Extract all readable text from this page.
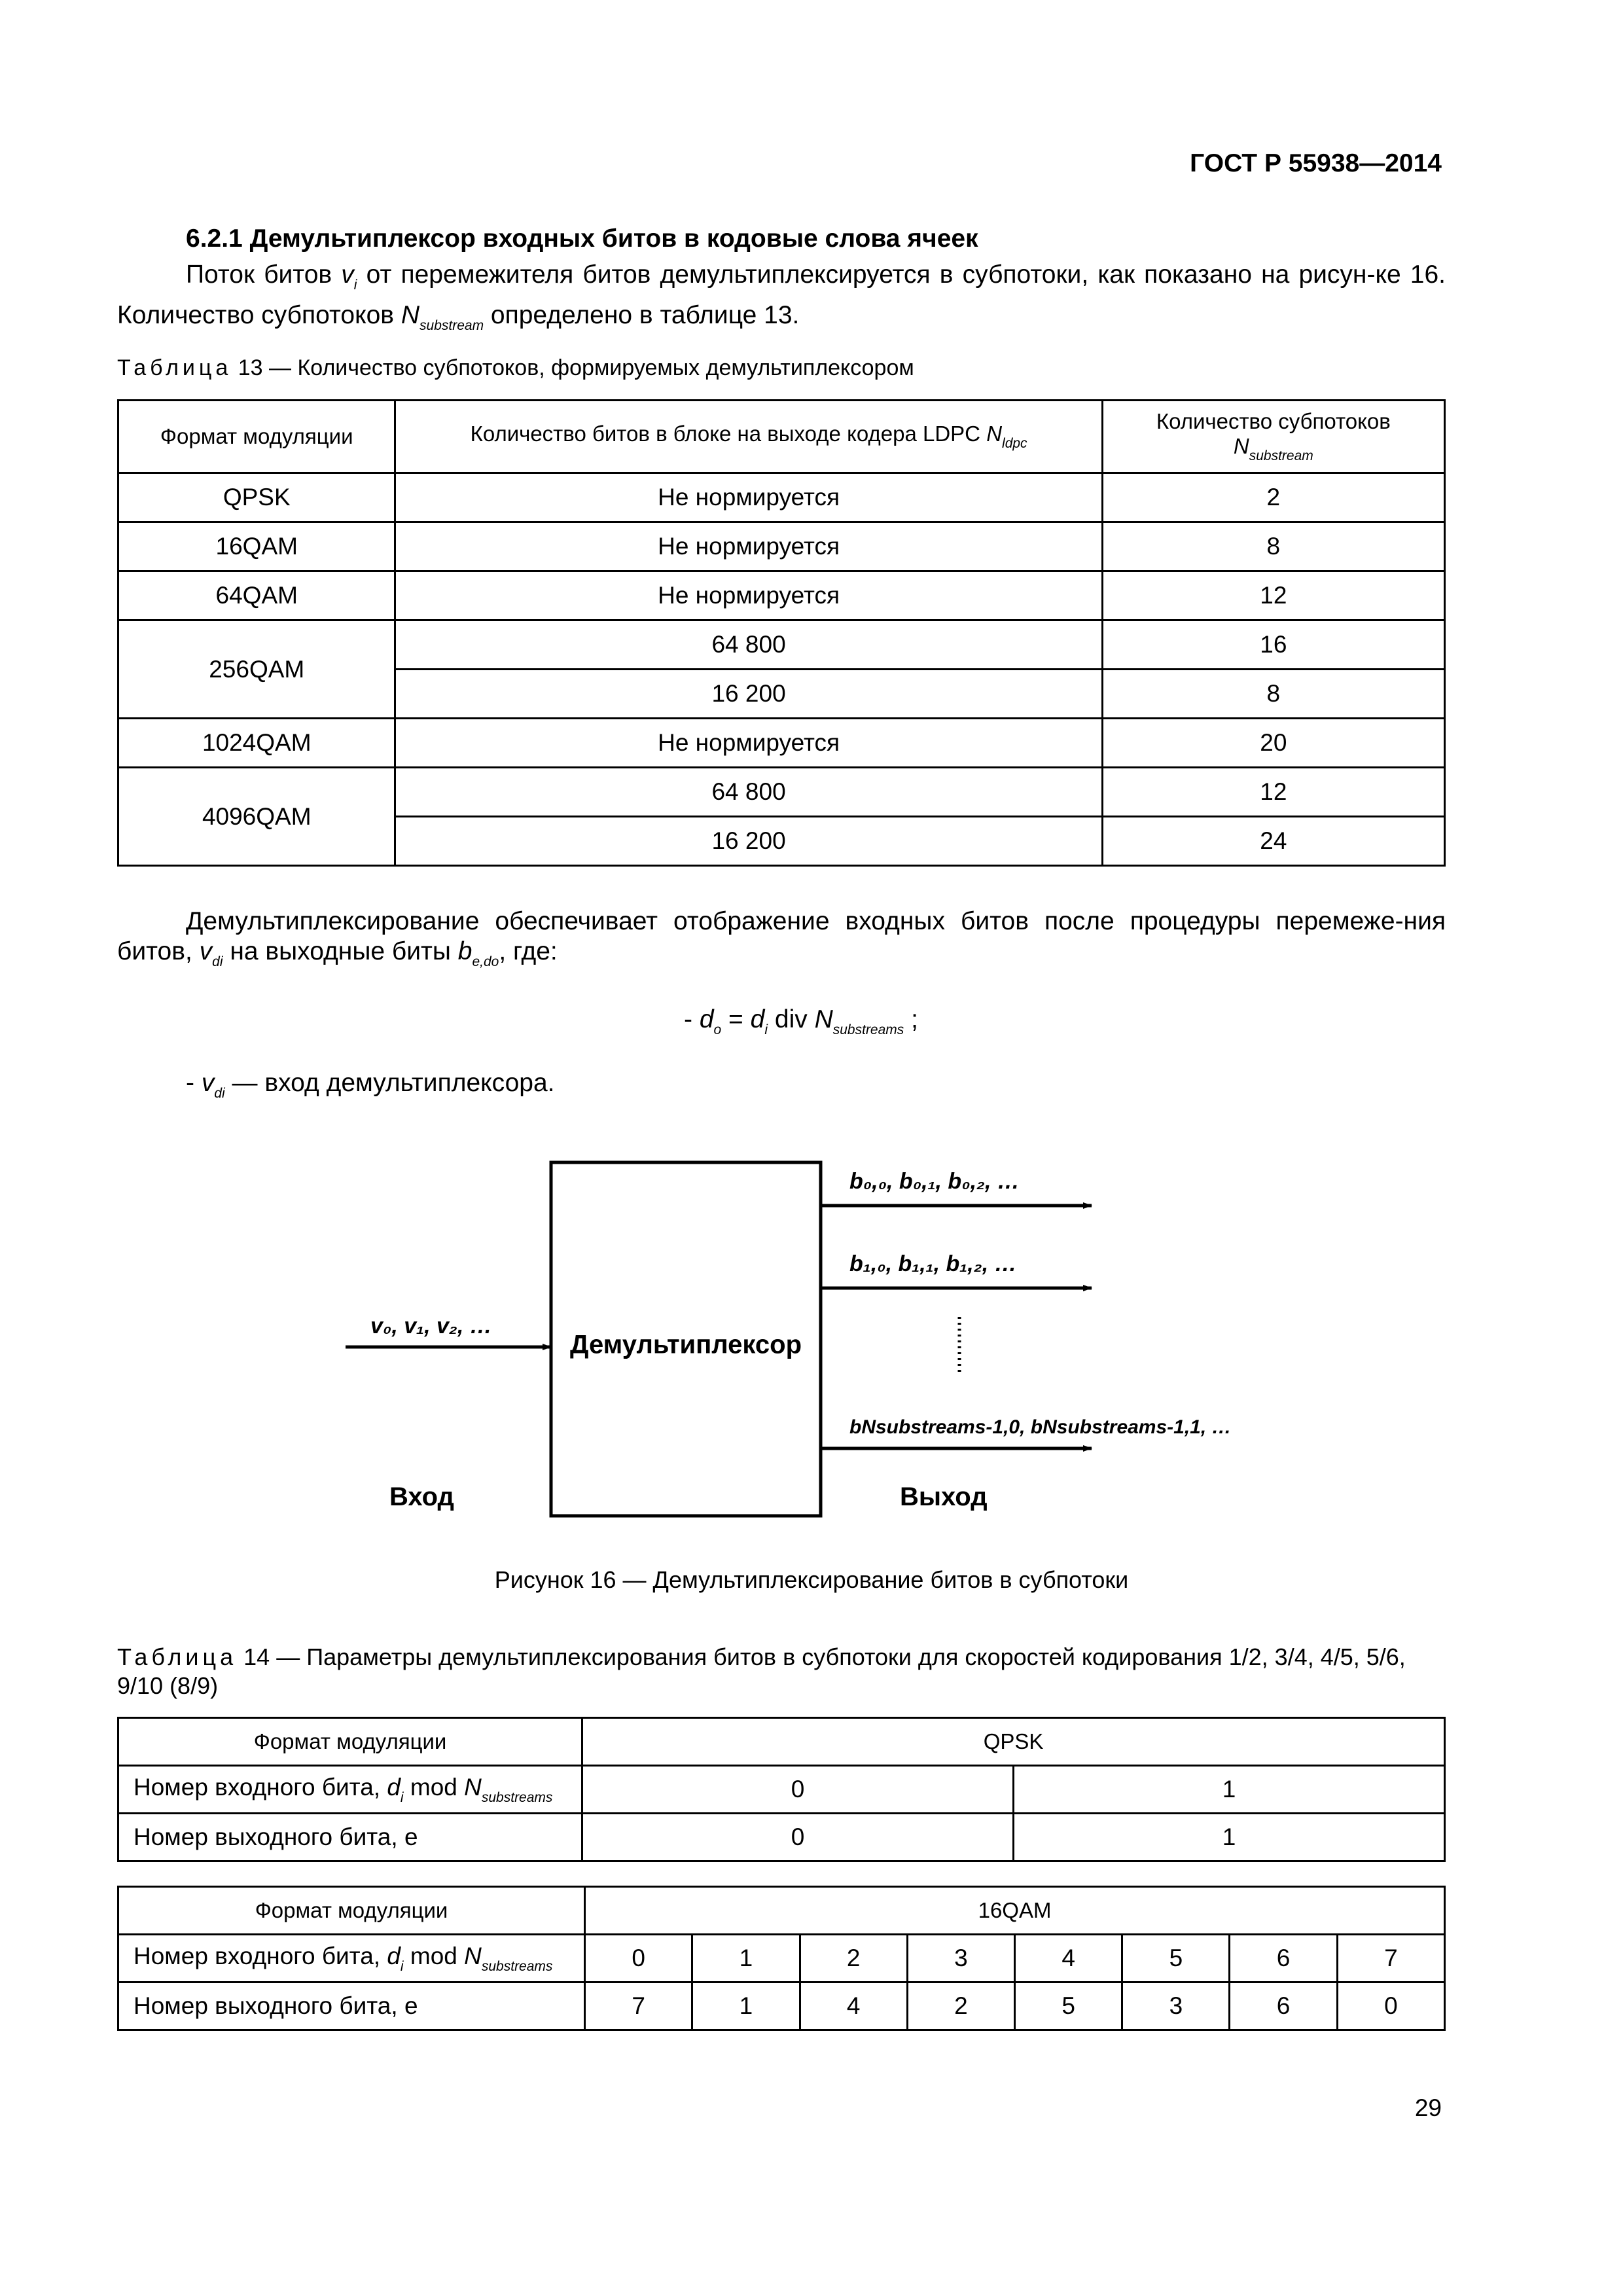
ГОСТ Р 55938—2014
6.2.1 Демультиплексор входных битов в кодовые слова ячеек
Поток битов $v_i$ от перемежителя битов демультиплексируется в субпотоки, как показано на рисун-ке 16. Количество субпотоков $N_{substream}$ определено в таблице 13.
Таблица 13 — Количество субпотоков, формируемых демультиплексором
Формат модуляции	Количество битов в блоке на выходе кодера LDPC $N_{ldpc}$	Количество субпотоков
$N_{substream}$
QPSK	Не нормируется	2
16QAM	Не нормируется	8
64QAM	Не нормируется	12
256QAM	64 800	16
	16 200	8
1024QAM	Не нормируется	20
4096QAM	64 800	12
	16 200	24
Демультиплексирование обеспечивает отображение входных битов после процедуры перемеже-ния битов, $v_{di}$ на выходные биты $b_{e,do}$, где:
- $d_o = d_i$ div $N_{substreams}$ ;
- $v_{di}$ — вход демультиплексора.
v₀, v₁, v₂, …
Демультиплексор
b₀,₀, b₀,₁, b₀,₂, …
b₁,₀, b₁,₁, b₁,₂, …
bNsubstreams-1,0, bNsubstreams-1,1, …
Вход	Выход
Рисунок 16 — Демультиплексирование битов в субпотоки
Таблица 14 — Параметры демультиплексирования битов в субпотоки для скоростей кодирования 1/2, 3/4, 4/5, 5/6, 9/10 (8/9)
Формат модуляции	QPSK	
Номер входного бита, $d_i$ mod $N_{substreams}$	0	1
Номер выходного бита, e	0	1
Формат модуляции	16QAM							
Номер входного бита, $d_i$ mod $N_{substreams}$	0	1	2	3	4	5	6	7
Номер выходного бита, e	7	1	4	2	5	3	6	0
29
